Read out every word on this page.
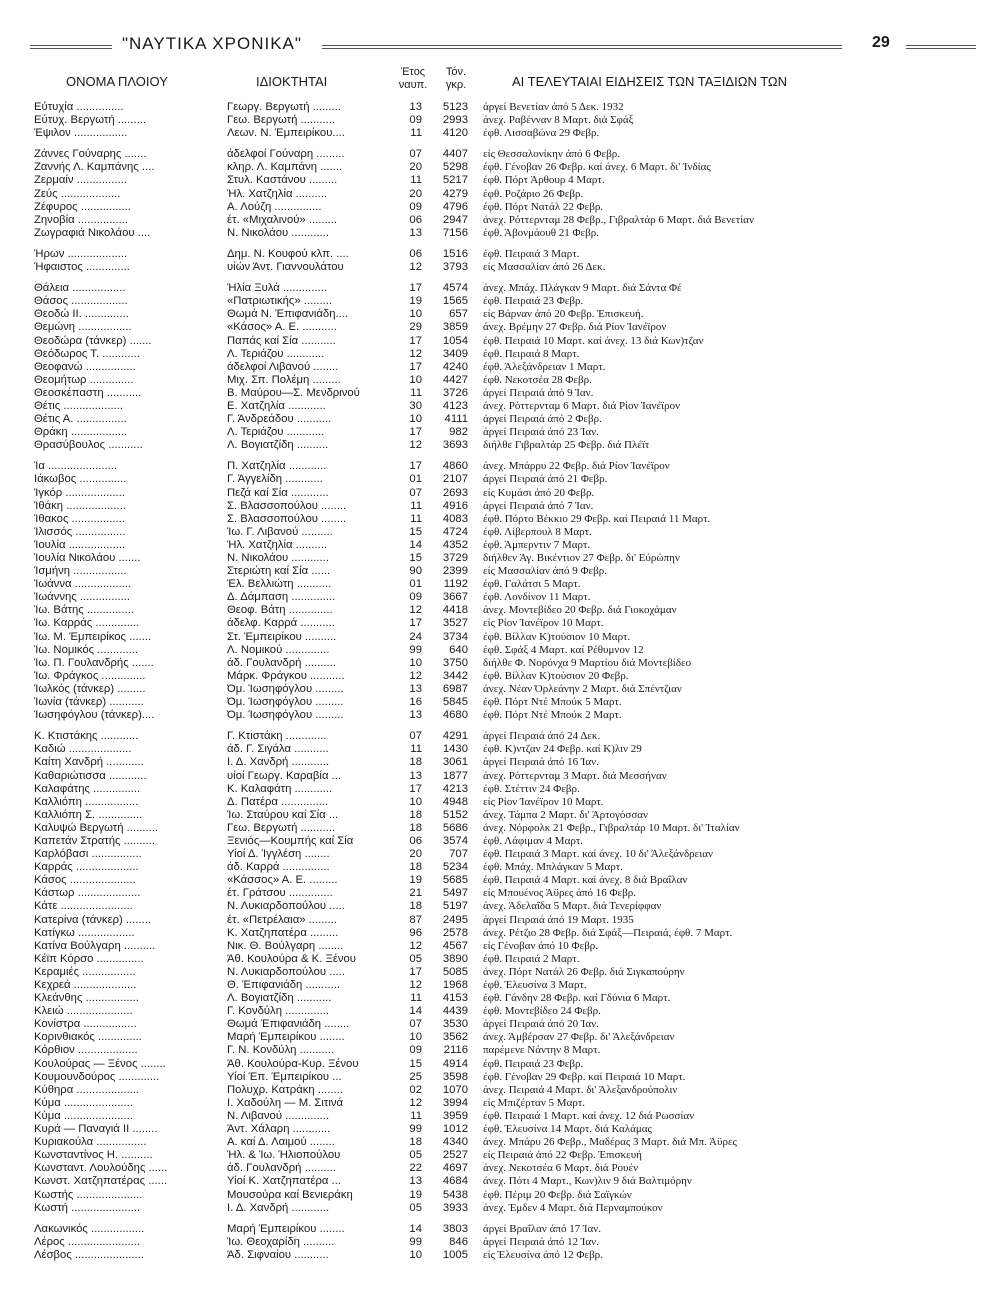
"ΝΑΥΤΙΚΑ ΧΡΟΝΙΚΑ"	29
ΟΝΟΜΑ ΠΛΟΙΟΥ	ΙΔΙΟΚΤΗΤΑΙ
Έτος
ναυπ.
Τόν.
γκρ.	ΑΙ ΤΕΛΕΥΤΑΙΑΙ ΕΙΔΗΣΕΙΣ ΤΩΝ ΤΑΞΙΔΙΩΝ ΤΩΝ
Εύτυχία ...............	Γεωργ. Βεργωτή .........	13	5123 άργεί Βενετίαν άπό 5 Δεκ. 1932
Εύτυχ. Βεργωτή .........	Γεω. Βεργωτή ...........	09	2993 άνεχ. Ραβένναν 8 Μαρτ. διά Σφάξ
Έψιλον .................	Λεων. Ν. Έμπειρίκου....	11	4120 έφθ. Λισσαβώνα 29 Φεβρ.
Ζάννες Γούναρης .......	άδελφοί Γούναρη .........	07	4407 είς Θεσσαλονίκην άπό 6 Φεβρ.
Ζαννής Λ. Καμπάνης ....	κληρ. Λ. Καμπάνη .......	20	5298 έφθ. Γένοβαν 26 Φεβρ. καί άνεχ. 6 Μαρτ. δι' Ίνδίας
Ζερμαίν ................	Στυλ. Καστάνου .........	11	5217 έφθ. Πόρτ Άρθουρ 4 Μαρτ.
Ζεύς ...................	Ήλ. Χατζηλία ..........	20	4279 έφθ. Ροζάριο 26 Φεβρ.
Ζέφυρος ................	Α. Λούζη ...............	09	4796 έφθ. Πόρτ Νατάλ 22 Φεβρ.
Ζηνοβία ................	έτ. «Μιχαλινού» .........	06	2947 άνεχ. Ρόττερνταμ 28 Φεβρ., Γιβραλτάρ 6 Μαρτ. διά Βενετίαν
Ζωγραφιά Νικολάου ....	Ν. Νικολάου ............	13	7156 έφθ. Άβονμάουθ 21 Φεβρ.
Ήρων ...................	Δημ. Ν. Κουφού κλπ. ....	06	1516 έφθ. Πειραιά 3 Μαρτ.
Ήφαιστος ..............	υίών Άντ. Γιαννουλάτου	12	3793 είς Μασσαλίαν άπό 26 Δεκ.
Θάλεια .................	Ήλία Ξυλά ..............	17	4574 άνεχ. Μπάχ. Πλάγκαν 9 Μαρτ. διά Σάντα Φέ
Θάσος ..................	«Πατριωτικής» .........	19	1565 έφθ. Πειραιά 23 Φεβρ.
Θεοδώ ΙΙ. ..............	Θωμά Ν. Έπιφανιάδη....	10	657 είς Βάρναν άπό 20 Φεβρ. Έπισκευή.
Θεμώνη .................	«Κάσος» Α. Ε. ...........	29	3859 άνεχ. Βρέμην 27 Φεβρ. διά Ρίον Ίανέϊρον
Θεοδώρα (τάνκερ) .......	Παπάς καί Σία ...........	17	1054 έφθ. Πειραιά 10 Μαρτ. καί άνεχ. 13 διά Κων)τζαν
Θεόδωρος Τ. ............	Λ. Τεριάζου ............	12	3409 έφθ. Πειραιά 8 Μαρτ.
Θεοφανώ ................	άδελφοί Λιβανού ........	17	4240 έφθ. Άλεξάνδρειαν 1 Μαρτ.
Θεομήτωρ ..............	Μιχ. Σπ. Πολέμη .........	10	4427 έφθ. Νεκοτσέα 28 Φεβρ.
Θεοσκέπαστη ...........	Β. Μαύρου—Σ. Μενδρινού	11	3726 άργεί Πειραιά άπό 9 Ίαν.
Θέτις ...................	Ε. Χατζηλία ............	30	4123 άνεχ. Ρόττερνταμ 6 Μαρτ. διά Ρίον Ίανέϊρον
Θέτις Α. ................	Γ. Άνδρεάδου ...........	10	4111 άργεί Πειραιά άπό 2 Φεβρ.
Θράκη ..................	Λ. Τεριάζου ............	17	982 άργεί Πειραιά άπό 23 Ίαν.
Θρασύβουλος ...........	Λ. Βογιατζίδη ..........	12	3693 διήλθε Γιβραλτάρ 25 Φεβρ. διά Πλέϊτ
Ία ......................	Π. Χατζηλία ............	17	4860 άνεχ. Μπάρρυ 22 Φεβρ. διά Ρίον Ίανέϊρον
Ιάκωβος ...............	Γ. Άγγελίδη ............	01	2107 άργεί Πειραιά άπό 21 Φεβρ.
Ίγκόρ ...................	Πεζά καί Σία ............	07	2693 είς Κυμάσι άπό 20 Φεβρ.
Ίθάκη ...................	Σ. Βλασσοπούλου ........	11	4916 άργεί Πειραιά άπό 7 Ίαν.
Ίθακος .................	Σ. Βλασσοπούλου ........	11	4083 έφθ. Πόρτο Βέκκιο 29 Φεβρ. καί Πειραιά 11 Μαρτ.
Ίλισσός ................	Ίω. Γ. Λιβανού ..........	15	4724 έφθ. Λίβερπουλ 8 Μαρτ.
Ίουλία ..................	Ήλ. Χατζηλία ..........	14	4352 έφθ. Άμπερντιν 7 Μαρτ.
Ίουλία Νικολάου .......	Ν. Νικολάου ............	15	3729 διήλθεν Άγ. Βικέντιον 27 Φεβρ. δι' Εύρώπην
Ίσμήνη .................	Στεριώτη καί Σία ......	90	2399 είς Μασσαλίαν άπό 9 Φεβρ.
Ίωάννα ..................	Έλ. Βελλιώτη ...........	01	1192 έφθ. Γαλάτσι 5 Μαρτ.
Ίωάννης ................	Δ. Δάμπαση ..............	09	3667 έφθ. Λονδίνον 11 Μαρτ.
Ίω. Βάτης ...............	Θεοφ. Βάτη ..............	12	4418 άνεχ. Μοντεβίδεο 20 Φεβρ. διά Γιοκοχάμαν
Ίω. Καρράς ..............	άδελφ. Καρρά ...........	17	3527 είς Ρίον Ίανέϊρον 10 Μαρτ.
Ίω. Μ. Έμπειρίκος .......	Στ. Έμπειρίκου ..........	24	3734 έφθ. Βίλλαν Κ)τούσιον 10 Μαρτ.
Ίω. Νομικός .............	Λ. Νομικού ..............	99	640 έφθ. Σφάξ 4 Μαρτ. καί Ρέθυμνον 12
Ίω. Π. Γουλανδρής .......	άδ. Γουλανδρή ..........	10	3750 διήλθε Φ. Νορόνχα 9 Μαρτίου διά Μοντεβίδεο
Ίω. Φράγκος ..............	Μάρκ. Φράγκου ...........	12	3442 έφθ. Βίλλαν Κ)τούσιον 20 Φεβρ.
Ίωλκός (τάνκερ) .........	Όμ. Ίωσηφόγλου .........	13	6987 άνεχ. Νέαν Όρλεάνην 2 Μαρτ. διά Σπέντζιαν
Ίωνία (τάνκερ) ...........	Όμ. Ίωσηφόγλου .........	16	5845 έφθ. Πόρτ Ντέ Μπούκ 5 Μαρτ.
Ίωσηφόγλου (τάνκερ)....	Όμ. Ίωσηφόγλου .........	13	4680 έφθ. Πόρτ Ντέ Μπούκ 2 Μαρτ.
Κ. Κτιστάκης ............	Γ. Κτιστάκη .............	07	4291 άργεί Πειραιά άπό 24 Δεκ.
Καδιώ ....................	άδ. Γ. Σιγάλα ...........	11	1430 έφθ. Κ)ντζαν 24 Φεβρ. καί Κ)λιν 29
Καίτη Χανδρή ............	Ι. Δ. Χανδρή ............	18	3061 άργεί Πειραιά άπό 16 Ίαν.
Καθαριώτισσα ............	υίοί Γεωργ. Καραβία ...	13	1877 άνεχ. Ρόττερνταμ 3 Μαρτ. διά Μεσσήναν
Καλαφάτης ...............	Κ. Καλαφάτη ............	17	4213 έφθ. Στέττιν 24 Φεβρ.
Καλλιόπη .................	Δ. Πατέρα ...............	10	4948 είς Ρίον Ίανέϊρον 10 Μαρτ.
Καλλιόπη Σ. ..............	Ίω. Σταύρου καί Σία ...	18	5152 άνεχ. Τάμπα 2 Μαρτ. δι' Άρτογόσσαν
Καλυψώ Βεργωτή ..........	Γεω. Βεργωτή ...........	18	5686 άνεχ. Νόρφολκ 21 Φεβρ., Γιβραλτάρ 10 Μαρτ. δι' Ίταλίαν
Καπετάν Στρατής ..........	Ξενιός—Κουμπής καί Σία	06	3574 έφθ. Λάφιμαν 4 Μαρτ.
Καρλόβασι ................	Υίοί Δ. Ίγγλέση ........	20	707 έφθ. Πειραιά 3 Μαρτ. καί άνεχ. 10 δι' Άλεξάνδρειαν
Καρράς ....................	άδ. Καρρά ...............	18	5234 έφθ. Μπάχ. Μπλάγκαν 5 Μαρτ.
Κάσος .....................	«Κάσσος» Α. Ε. .........	19	5685 έφθ. Πειραιά 4 Μαρτ. καί άνεχ. 8 διά Βραΐλαν
Κάστωρ ....................	έτ. Γράτσου ..............	21	5497 είς Μπουένος Άϋρες άπό 16 Φεβρ.
Κάτε .......................	Ν. Λυκιαρδοπούλου .....	18	5197 άνεχ. Άδελαΐδα 5 Μαρτ. διά Τενερίφφαν
Κατερίνα (τάνκερ) ........	έτ. «Πετρέλαια» .........	87	2495 άργεί Πειραιά άπό 19 Μαρτ. 1935
Κατίγκω ..................	Κ. Χατζηπατέρα .........	96	2578 άνεχ. Ρέτζιο 28 Φεβρ. διά Σφάξ—Πειραιά, έφθ. 7 Μαρτ.
Κατίνα Βούλγαρη ..........	Νικ. Θ. Βούλγαρη ........	12	4567 είς Γένοβαν άπό 10 Φεβρ.
Κέϊπ Κόρσο ...............	Άθ. Κουλούρα & Κ. Ξένου	05	3890 έφθ. Πειραιά 2 Μαρτ.
Κεραμιές .................	Ν. Λυκιαρδοπούλου .....	17	5085 άνεχ. Πόρτ Νατάλ 26 Φεβρ. διά Σιγκαπούρην
Κεχρεά ....................	Θ. Έπιφανιάδη ...........	12	1968 έφθ. Έλευσίνα 3 Μαρτ.
Κλεάνθης .................	Λ. Βογιατζίδη ...........	11	4153 έφθ. Γάνδην 28 Φεβρ. καί Γδύνια 6 Μαρτ.
Κλειώ .....................	Γ. Κονδύλη ..............	14	4439 έφθ. Μοντεβίδεο 24 Φεβρ.
Κονίστρα .................	Θωμά Έπιφανιάδη ........	07	3530 άργεί Πειραιά άπό 20 Ίαν.
Κορινθιακός ..............	Μαρή Έμπειρίκου ........	10	3562 άνεχ. Άμβέρσαν 27 Φεβρ. δι' Άλεξάνδρειαν
Κόρθιον ...................	Γ. Ν. Κονδύλη ...........	09	2116 παρέμενε Νάντην 8 Μαρτ.
Κουλούρας — Ξένος ........	Άθ. Κουλούρα-Κυρ. Ξένου	15	4914 έφθ. Πειραιά 23 Φεβρ.
Κουμουνδούρος .............	Υίοί Έπ. Έμπειρίκου ...	25	3598 έφθ. Γένοβαν 29 Φεβρ. καί Πειραιά 10 Μαρτ.
Κύθηρα ....................	Πολυχρ. Κατράκη ........	02	1070 άνεχ. Πειραιά 4 Μαρτ. δι' Άλεξανδρούπολιν
Κύμα ......................	Ι. Χαδούλη — Μ. Σιτινά	12	3994 είς Μπιζέρταν 5 Μαρτ.
Κύμα ......................	Ν. Λιβανού ..............	11	3959 έφθ. Πειραιά 1 Μαρτ. καί άνεχ. 12 διά Ρωσσίαν
Κυρά — Παναγιά ΙΙ ........	Άντ. Χάλαρη ............	99	1012 έφθ. Έλευσίνα 14 Μαρτ. διά Καλάμας
Κυριακούλα ................	Α. καί Δ. Λαιμού ........	18	4340 άνεχ. Μπάρυ 26 Φεβρ., Μαδέρας 3 Μαρτ. διά Μπ. Άϋρες
Κωνσταντίνος Η. ..........	Ήλ. & Ίω. Ήλιοπούλου	05	2527 είς Πειραιά άπό 22 Φεβρ. Έπισκευή
Κωνσταντ. Λουλούδης ......	άδ. Γουλανδρή ..........	22	4697 άνεχ. Νεκοτσέα 6 Μαρτ. διά Ρουέν
Κωνστ. Χατζηπατέρας ......	Υίοί Κ. Χατζηπατέρα ...	13	4684 άνεχ. Πότι 4 Μαρτ., Κων)λιν 9 διά Βαλτιμόρην
Κωστής .....................	Μουσούρα καί Βενιεράκη	19	5438 έφθ. Πέριμ 20 Φεβρ. διά Σαϊγκών
Κωστή ......................	Ι. Δ. Χανδρή ............	05	3933 άνεχ. Έμδεν 4 Μαρτ. διά Περναμπούκον
Λακωνικός .................	Μαρή Έμπειρίκου ........	14	3803 άργεί Βραΐλαν άπό 17 Ίαν.
Λέρος .......................	Ίω. Θεοχαρίδη ..........	99	846 άργεί Πειραιά άπό 12 Ίαν.
Λέσβος ......................	Άδ. Σιφναίου ...........	10	1005 είς Έλευσίνα άπό 12 Φεβρ.
